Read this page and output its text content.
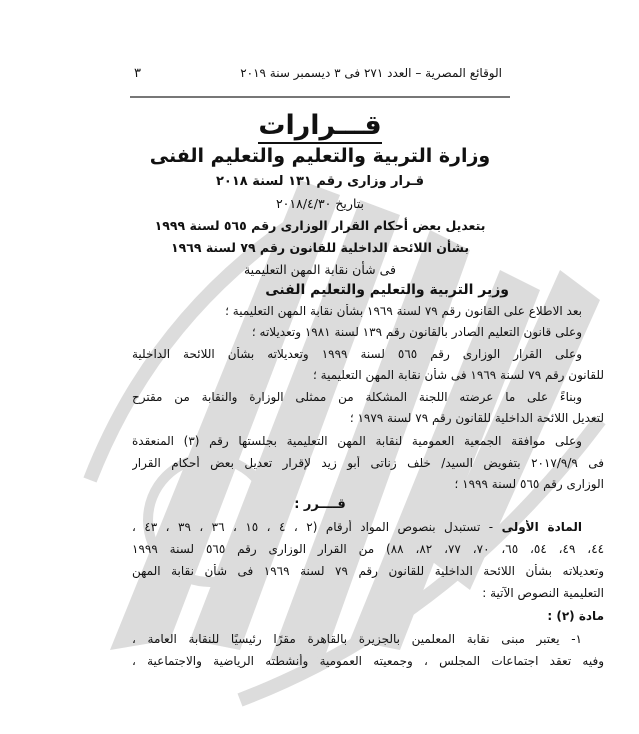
الوقائع المصرية – العدد ٢٧١ فى ٣ ديسمبر سنة ٢٠١٩
٣
قـــرارات
وزارة التربية والتعليم والتعليم الفنى
قـرار وزارى رقم ١٣١ لسنة ٢٠١٨
بتاريخ ٢٠١٨/٤/٣٠
بتعديل بعض أحكام القرار الوزارى رقم ٥٦٥ لسنة ١٩٩٩
بشأن اللائحة الداخلية للقانون رقم ٧٩ لسنة ١٩٦٩
فى شأن نقابة المهن التعليمية
وزير التربية والتعليم والتعليم الفنى
بعد الاطلاع على القانون رقم ٧٩ لسنة ١٩٦٩ بشأن نقابة المهن التعليمية ؛
وعلى قانون التعليم الصادر بالقانون رقم ١٣٩ لسنة ١٩٨١ وتعديلاته ؛
وعلى القرار الوزارى رقم ٥٦٥ لسنة ١٩٩٩ وتعديلاته بشأن اللائحة الداخلية
للقانون رقم ٧٩ لسنة ١٩٦٩ فى شأن نقابة المهن التعليمية ؛
وبناءً على ما عرضته اللجنة المشكلة من ممثلى الوزارة والنقابة من مقترح
لتعديل اللائحة الداخلية للقانون رقم ٧٩ لسنة ١٩٧٩ ؛
وعلى موافقة الجمعية العمومية لنقابة المهن التعليمية بجلستها رقم (٣) المنعقدة
فى ٢٠١٧/٩/٩ بتفويض السيد/ خلف زناتى أبو زيد لإقرار تعديل بعض أحكام القرار
الوزارى رقم ٥٦٥ لسنة ١٩٩٩ ؛
قــــرر :
المادة الأولى - تستبدل بنصوص المواد أرقام (٢ ، ٤ ، ١٥ ، ٣٦ ، ٣٩ ، ٤٣ ،
٤٤، ٤٩، ٥٤، ٦٥، ٧٠، ٧٧، ٨٢، ٨٨) من القرار الوزارى رقم ٥٦٥ لسنة ١٩٩٩
وتعديلاته بشأن اللائحة الداخلية للقانون رقم ٧٩ لسنة ١٩٦٩ فى شأن نقابة المهن
التعليمية النصوص الآتية :
مادة (٢) :
١- يعتبر مبنى نقابة المعلمين بالجزيرة بالقاهرة مقرًا رئيسيًا للنقابة العامة ،
وفيه تعقد اجتماعات المجلس ، وجمعيته العمومية وأنشطته الرياضية والاجتماعية ،
